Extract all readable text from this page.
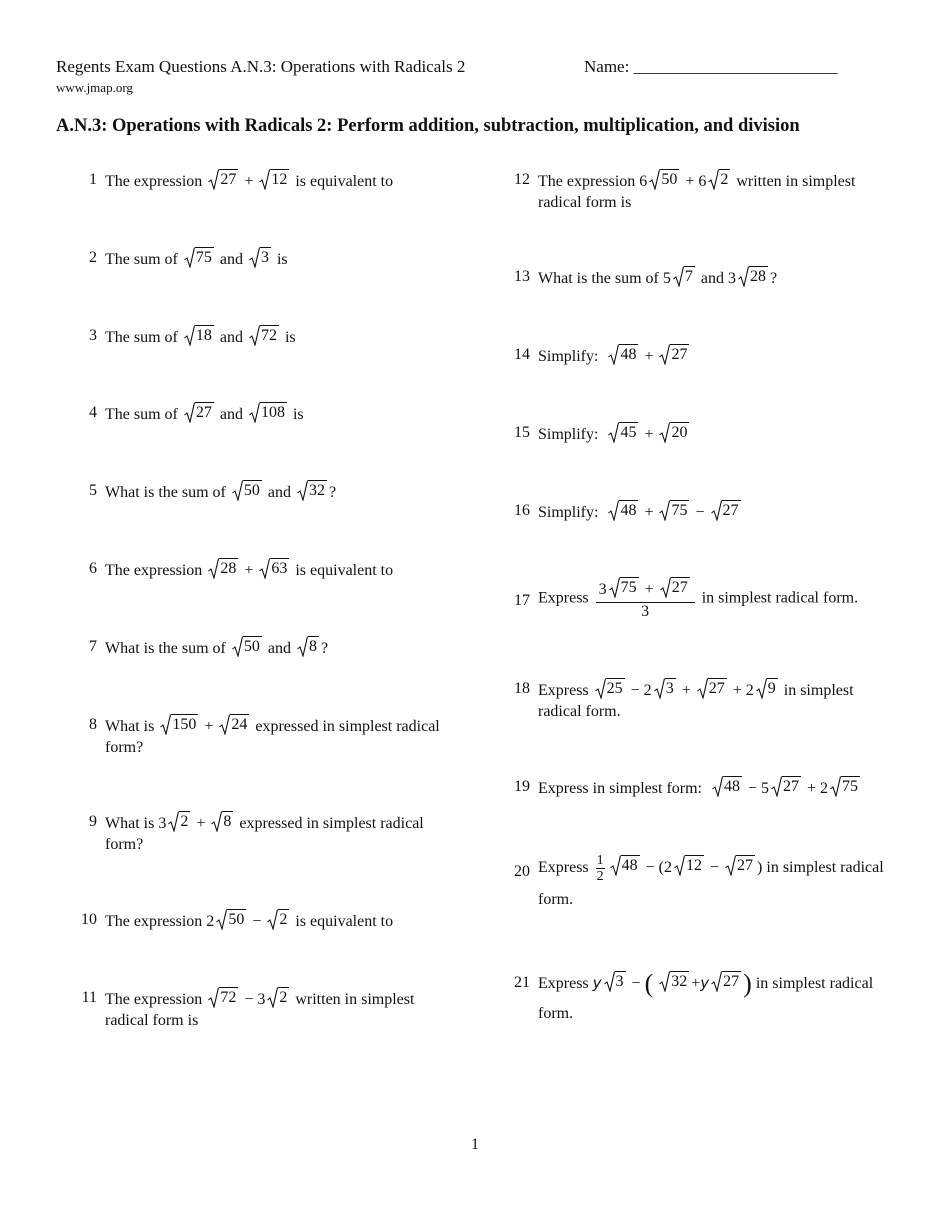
Regents Exam Questions A.N.3: Operations with Radicals 2	Name: ________________________
www.jmap.org
A.N.3: Operations with Radicals 2: Perform addition, subtraction, multiplication, and division
1 The expression 27 + 12 is equivalent to
2 The sum of 75 and 3 is
3 The sum of 18 and 72 is
4 The sum of 27 and 108 is
5 What is the sum of 50 and 32 ?
6 The expression 28 + 63 is equivalent to
7 What is the sum of 50 and 8 ?
8 What is 150 + 24 expressed in simplest radical form?
9 What is 3 2 + 8 expressed in simplest radical form?
10 The expression 2 50 − 2 is equivalent to
11 The expression 72 − 3 2 written in simplest radical form is
12 The expression 6 50 + 6 2 written in simplest radical form is
13 What is the sum of 5 7 and 3 28 ?
14 Simplify: 48 + 27
15 Simplify: 45 + 20
16 Simplify: 48 + 75 − 27
17 Express $\frac{3 75 + 27}{3}$ in simplest radical form.
18 Express 25 − 2 3 + 27 + 2 9 in simplest radical form.
19 Express in simplest form: 48 − 5 27 + 2 75
20 Express $\frac{1}{2} 48 - (2$ 12 − 27 ) in simplest radical form.
21 Express y 3 − ( 32 +y 27 ) in simplest radical form.
1
